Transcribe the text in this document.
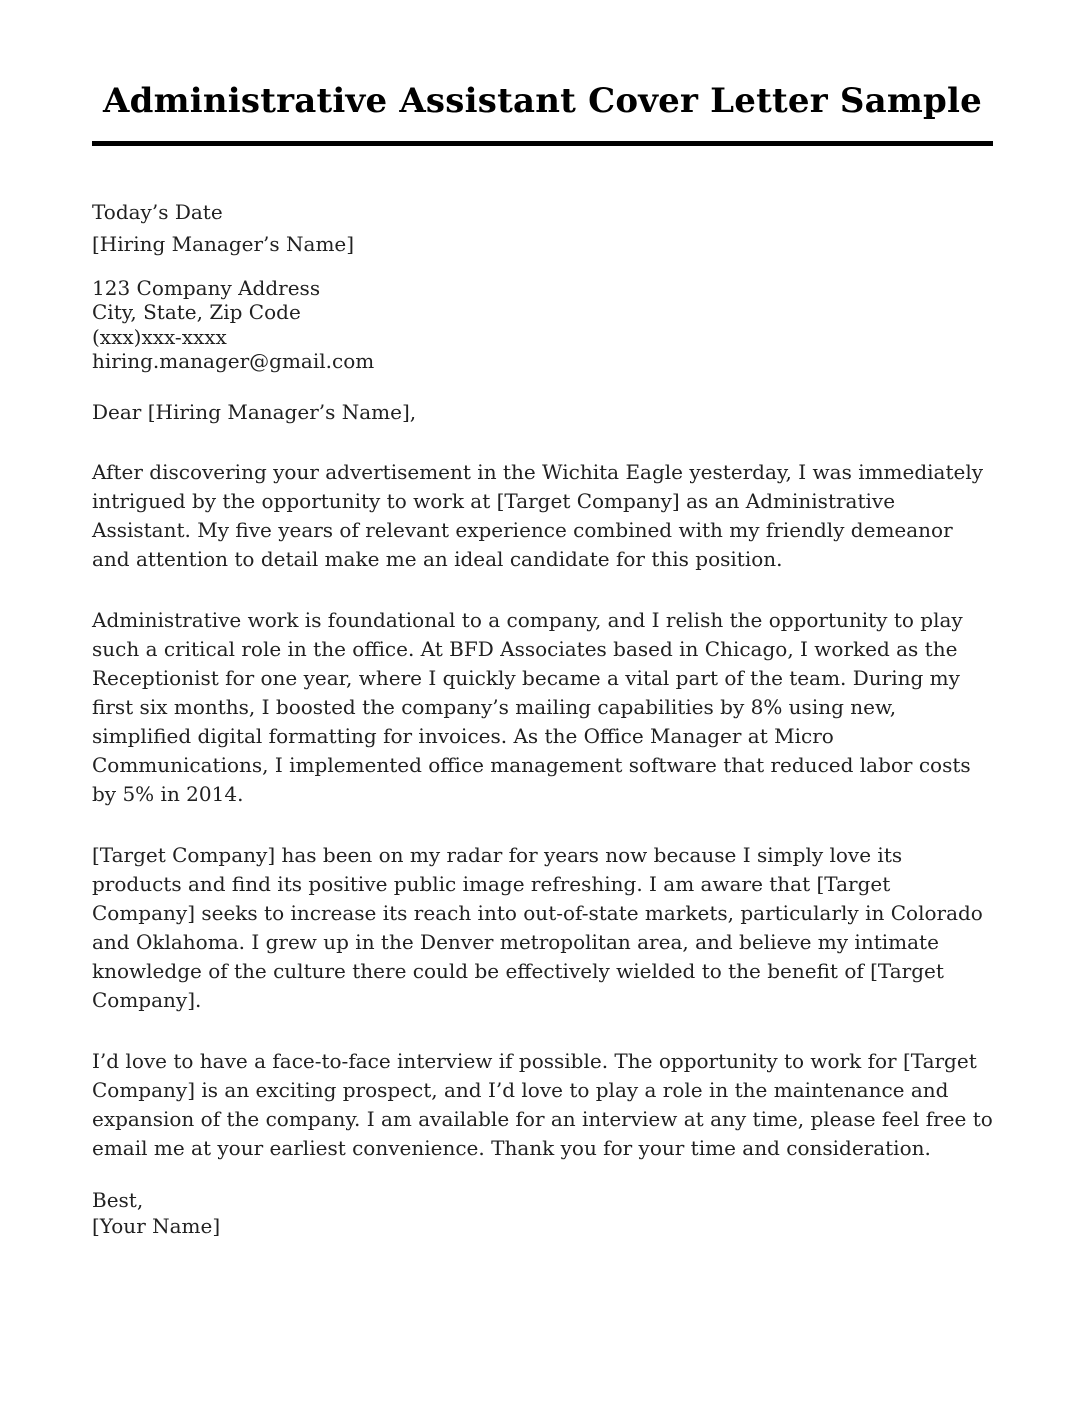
Administrative Assistant Cover Letter Sample
Today’s Date
[Hiring Manager’s Name]
123 Company Address
City, State, Zip Code
(xxx)xxx-xxxx
hiring.manager@gmail.com

Dear [Hiring Manager’s Name],

After discovering your advertisement in the Wichita Eagle yesterday, I was immediately intrigued by the opportunity to work at [Target Company] as an Administrative Assistant. My five years of relevant experience combined with my friendly demeanor and attention to detail make me an ideal candidate for this position.

Administrative work is foundational to a company, and I relish the opportunity to play such a critical role in the office. At BFD Associates based in Chicago, I worked as the Receptionist for one year, where I quickly became a vital part of the team. During my first six months, I boosted the company’s mailing capabilities by 8% using new, simplified digital formatting for invoices. As the Office Manager at Micro Communications, I implemented office management software that reduced labor costs by 5% in 2014.

[Target Company] has been on my radar for years now because I simply love its products and find its positive public image refreshing. I am aware that [Target Company] seeks to increase its reach into out-of-state markets, particularly in Colorado and Oklahoma. I grew up in the Denver metropolitan area, and believe my intimate knowledge of the culture there could be effectively wielded to the benefit of [Target Company].

I’d love to have a face-to-face interview if possible. The opportunity to work for [Target Company] is an exciting prospect, and I’d love to play a role in the maintenance and expansion of the company. I am available for an interview at any time, please feel free to email me at your earliest convenience. Thank you for your time and consideration.

Best,
[Your Name]
